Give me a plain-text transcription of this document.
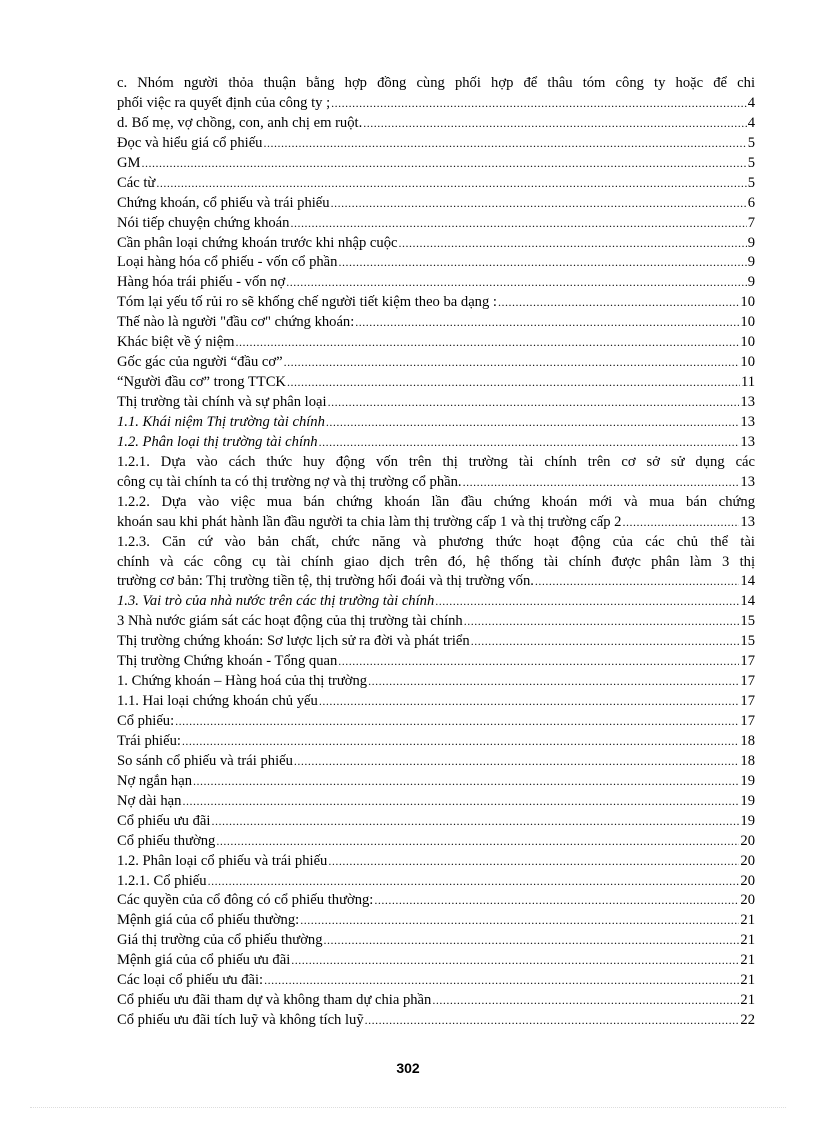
c. Nhóm người thỏa thuận bằng hợp đồng cùng phối hợp để thâu tóm công ty hoặc để chi
phối việc ra quyết định của công ty ; .....	4
d. Bố mẹ, vợ chồng, con, anh chị em ruột. .....	4
Đọc và hiểu giá cổ phiếu .....	5
GM .....	5
Các từ .....	5
Chứng khoán, cổ phiếu và trái phiếu .....	6
Nói tiếp chuyện chứng khoán .....	7
Cần phân loại chứng khoán trước khi nhập cuộc .....	9
Loại hàng hóa cổ phiếu - vốn cổ phần .....	9
Hàng hóa trái phiếu - vốn nợ .....	9
Tóm lại yếu tố rủi ro sẽ khống chế người tiết kiệm theo ba dạng : .....	10
Thế nào là người "đầu cơ" chứng khoán: .....	10
Khác biệt về ý niệm .....	10
Gốc gác của người “đầu cơ” .....	10
“Người đầu cơ” trong TTCK .....	11
Thị trường tài chính và sự phân loại .....	13
1.1. Khái niệm Thị trường tài chính .....	13
1.2. Phân loại thị trường tài chính .....	13
1.2.1. Dựa vào cách thức huy động vốn trên thị trường tài chính trên cơ sở sử dụng các
công cụ tài chính ta có thị trường nợ và thị trường cổ phần. .....	13
1.2.2. Dựa vào việc mua bán chứng khoán lần đầu chứng khoán mới và mua bán chứng
khoán sau khi phát hành lần đầu người ta chia làm thị trường cấp 1 và thị trường cấp 2 .....	13
1.2.3. Căn cứ vào bản chất, chức năng và phương thức hoạt động của các chủ thể tài
chính và các công cụ tài chính giao dịch trên đó, hệ thống tài chính được phân làm 3 thị
trường cơ bản: Thị trường tiền tệ, thị trường hối đoái và thị trường vốn. .....	14
1.3. Vai trò của nhà nước trên các thị trường tài chính .....	14
3 Nhà nước giám sát các hoạt động của thị trường tài chính .....	15
Thị trường chứng khoán: Sơ lược lịch sử ra đời và phát triển .....	15
Thị trường Chứng khoán - Tổng quan .....	17
1. Chứng khoán – Hàng hoá của thị trường .....	17
1.1. Hai loại chứng khoán chủ yếu .....	17
Cổ phiếu: .....	17
Trái phiếu: .....	18
So sánh cổ phiếu và trái phiếu .....	18
Nợ ngắn hạn .....	19
Nợ dài hạn .....	19
Cổ phiếu ưu đãi .....	19
Cổ phiếu thường .....	20
1.2. Phân loại cổ phiếu và trái phiếu .....	20
1.2.1. Cổ phiếu .....	20
Các quyền của cổ đông có cổ phiếu thường: .....	20
Mệnh giá của cổ phiếu thường: .....	21
Giá thị trường của cổ phiếu thường .....	21
Mệnh giá của cổ phiếu ưu đãi .....	21
Các loại cổ phiếu ưu đãi: .....	21
Cổ phiếu ưu đãi tham dự và không tham dự chia phần .....	21
Cổ phiếu ưu đãi tích luỹ và không tích luỹ .....	22
302
